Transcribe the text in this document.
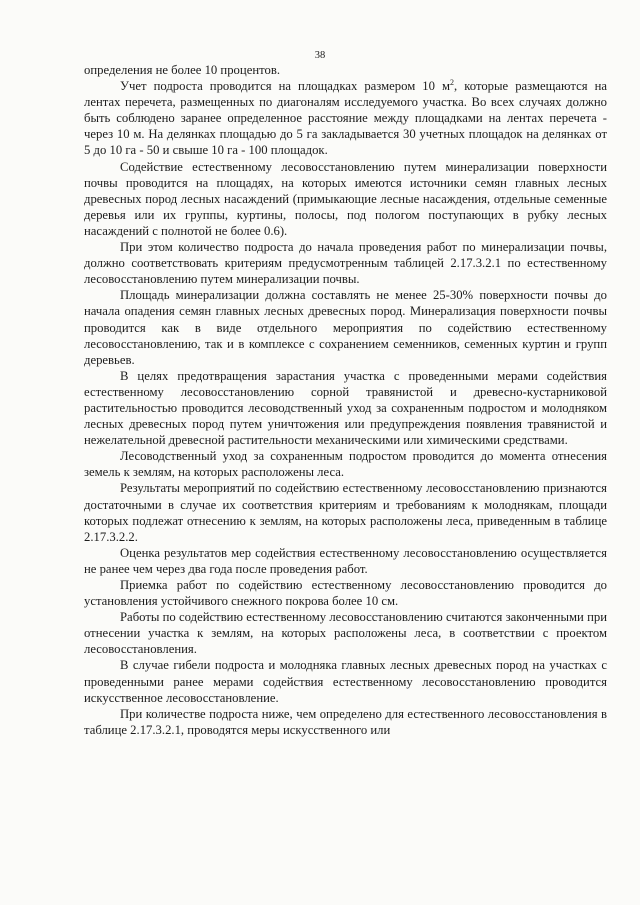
38

определения не более 10 процентов.

Учет подроста проводится на площадках размером 10 $м^2$, которые размещаются на лентах перечета, размещенных по диагоналям исследуемого участка. Во всех случаях должно быть соблюдено заранее определенное расстояние между площадками на лентах перечета - через 10 м. На делянках площадью до 5 га закладывается 30 учетных площадок на делянках от 5 до 10 га - 50 и свыше 10 га - 100 площадок.

Содействие естественному лесовосстановлению путем минерализации поверхности почвы проводится на площадях, на которых имеются источники семян главных лесных древесных пород лесных насаждений (примыкающие лесные насаждения, отдельные семенные деревья или их группы, куртины, полосы, под пологом поступающих в рубку лесных насаждений с полнотой не более 0.6).

При этом количество подроста до начала проведения работ по минерализации почвы, должно соответствовать критериям предусмотренным таблицей 2.17.3.2.1 по естественному лесовосстановлению путем минерализации почвы.

Площадь минерализации должна составлять не менее 25-30% поверхности почвы до начала опадения семян главных лесных древесных пород. Минерализация поверхности почвы проводится как в виде отдельного мероприятия по содействию естественному лесовосстановлению, так и в комплексе с сохранением семенников, семенных куртин и групп деревьев.

В целях предотвращения зарастания участка с проведенными мерами содействия естественному лесовосстановлению сорной травянистой и древесно-кустарниковой растительностью проводится лесоводственный уход за сохраненным подростом и молодняком лесных древесных пород путем уничтожения или предупреждения появления травянистой и нежелательной древесной растительности механическими или химическими средствами.

Лесоводственный уход за сохраненным подростом проводится до момента отнесения земель к землям, на которых расположены леса.

Результаты мероприятий по содействию естественному лесовосстановлению признаются достаточными в случае их соответствия критериям и требованиям к молоднякам, площади которых подлежат отнесению к землям, на которых расположены леса, приведенным в таблице 2.17.3.2.2.

Оценка результатов мер содействия естественному лесовосстановлению осуществляется не ранее чем через два года после проведения работ.

Приемка работ по содействию естественному лесовосстановлению проводится до установления устойчивого снежного покрова более 10 см.

Работы по содействию естественному лесовосстановлению считаются законченными при отнесении участка к землям, на которых расположены леса, в соответствии с проектом лесовосстановления.

В случае гибели подроста и молодняка главных лесных древесных пород на участках с проведенными ранее мерами содействия естественному лесовосстановлению проводится искусственное лесовосстановление.

При количестве подроста ниже, чем определено для естественного лесовосстановления в таблице 2.17.3.2.1, проводятся меры искусственного или
